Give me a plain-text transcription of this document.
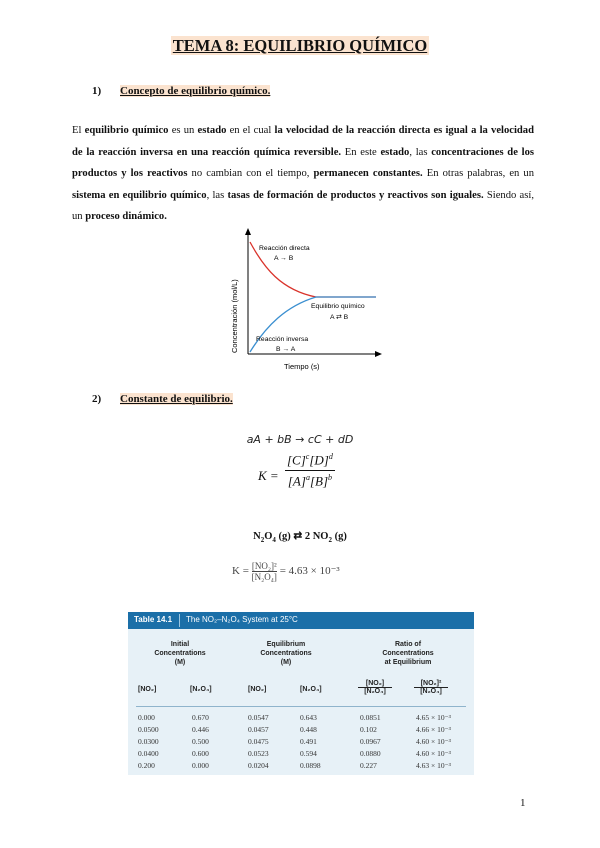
TEMA 8: EQUILIBRIO QUÍMICO
1) Concepto de equilibrio químico.
El equilibrio químico es un estado en el cual la velocidad de la reacción directa es igual a la velocidad de la reacción inversa en una reacción química reversible. En este estado, las concentraciones de los productos y los reactivos no cambian con el tiempo, permanecen constantes. En otras palabras, en un sistema en equilibrio químico, las tasas de formación de productos y reactivos son iguales. Siendo así, un proceso dinámico.
Concentración (mol/L)
Tiempo (s)
Reacción directa
A → B
Equilibrio químico
A ⇄ B
Reacción inversa
B → A
2) Constante de equilibrio.
aA + bB → cC + dD
$K = \frac{[C]^c[D]^d}{[A]^a[B]^b}$
$N_2O_4$ (g) ⇄ 2 $NO_2$ (g)
$K = \frac{\text{[NO₂]²}}{\text{[N₂O₄]}} = 4.63 \times 10^{-3}$
Table 14.1 The NO₂–N₂O₄ System at 25°C
Initial
Concentrations
(M)
Equilibrium
Concentrations
(M)
Ratio of
Concentrations
at Equilibrium
[NO₂]	[N₂O₄]	[NO₂]	[N₂O₄]	$\frac{\text{[NO₂]}}{\text{[N₂O₄]}}$	$\frac{\text{[NO₂]²}}{\text{[N₂O₄]}}$
0.000	0.670	0.0547	0.643	0.0851	4.65 × 10⁻³
0.0500	0.446	0.0457	0.448	0.102	4.66 × 10⁻³
0.0300	0.500	0.0475	0.491	0.0967	4.60 × 10⁻³
0.0400	0.600	0.0523	0.594	0.0880	4.60 × 10⁻³
0.200	0.000	0.0204	0.0898	0.227	4.63 × 10⁻³
1
